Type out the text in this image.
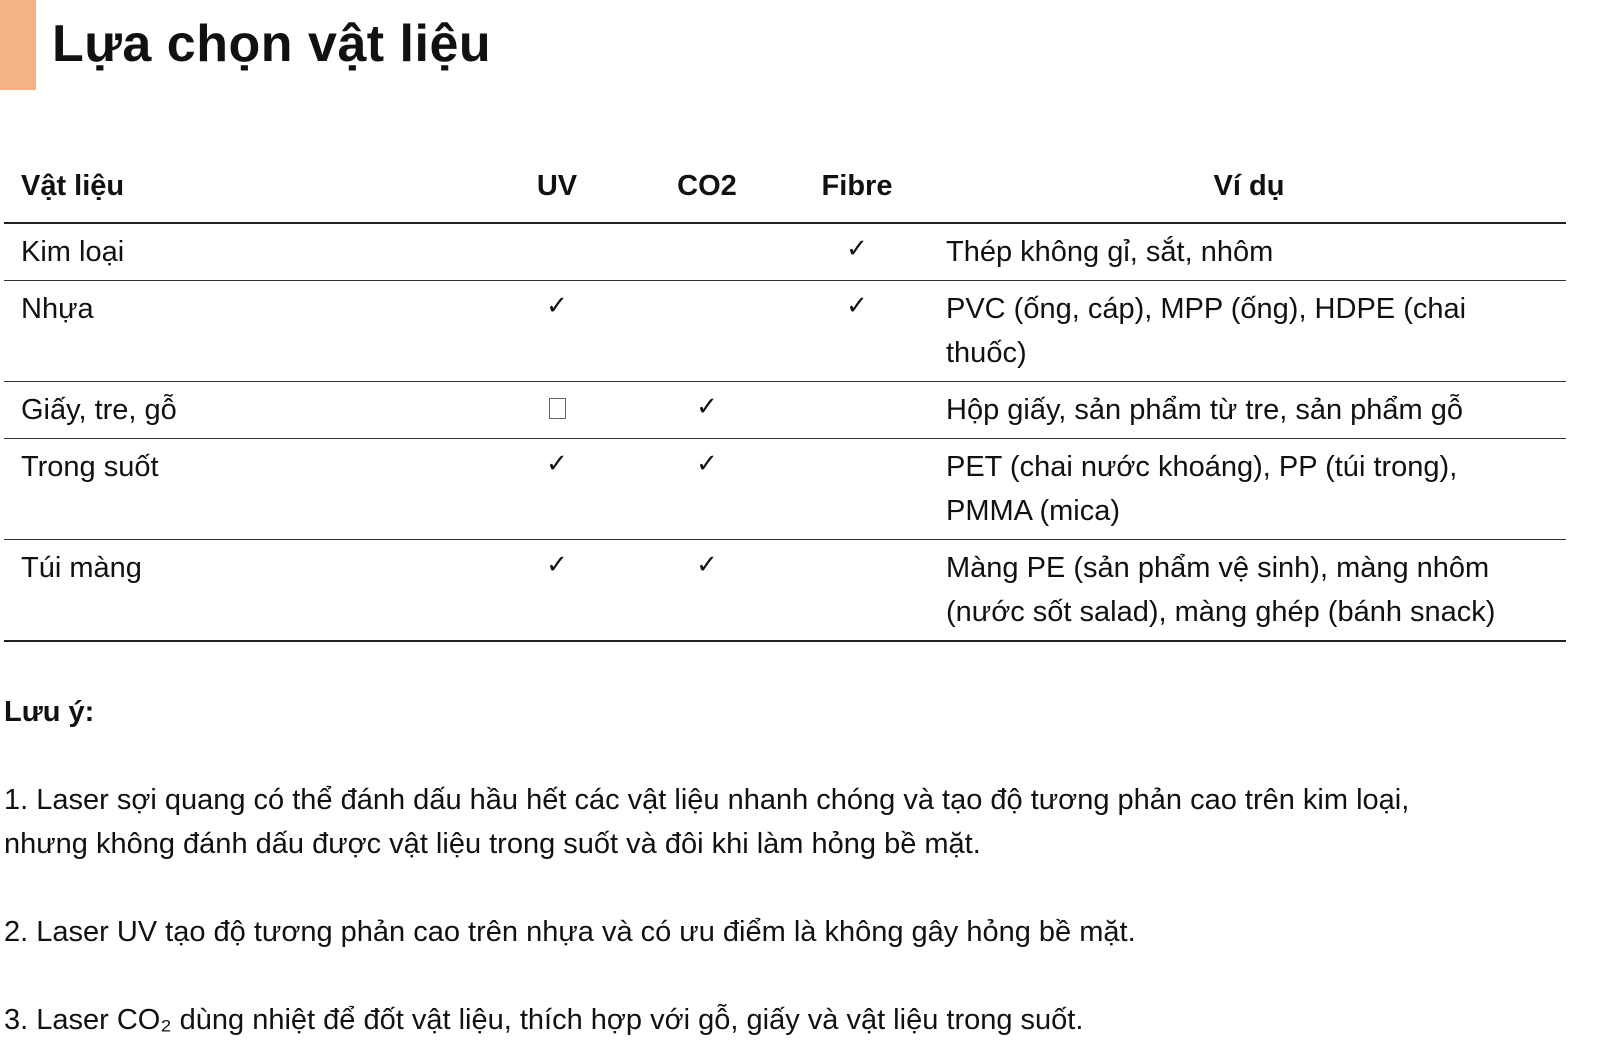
Lựa chọn vật liệu
Vật liệu	UV	CO2	Fibre	Ví dụ
Kim loại			✓	Thép không gỉ, sắt, nhôm
Nhựa	✓		✓	PVC (ống, cáp), MPP (ống), HDPE (chai thuốc)
Giấy, tre, gỗ		✓		Hộp giấy, sản phẩm từ tre, sản phẩm gỗ
Trong suốt	✓	✓		PET (chai nước khoáng), PP (túi trong), PMMA (mica)
Túi màng	✓	✓		Màng PE (sản phẩm vệ sinh), màng nhôm (nước sốt salad), màng ghép (bánh snack)

Lưu ý:

1. Laser sợi quang có thể đánh dấu hầu hết các vật liệu nhanh chóng và tạo độ tương phản cao trên kim loại, nhưng không đánh dấu được vật liệu trong suốt và đôi khi làm hỏng bề mặt.

2. Laser UV tạo độ tương phản cao trên nhựa và có ưu điểm là không gây hỏng bề mặt.

3. Laser CO₂ dùng nhiệt để đốt vật liệu, thích hợp với gỗ, giấy và vật liệu trong suốt.
